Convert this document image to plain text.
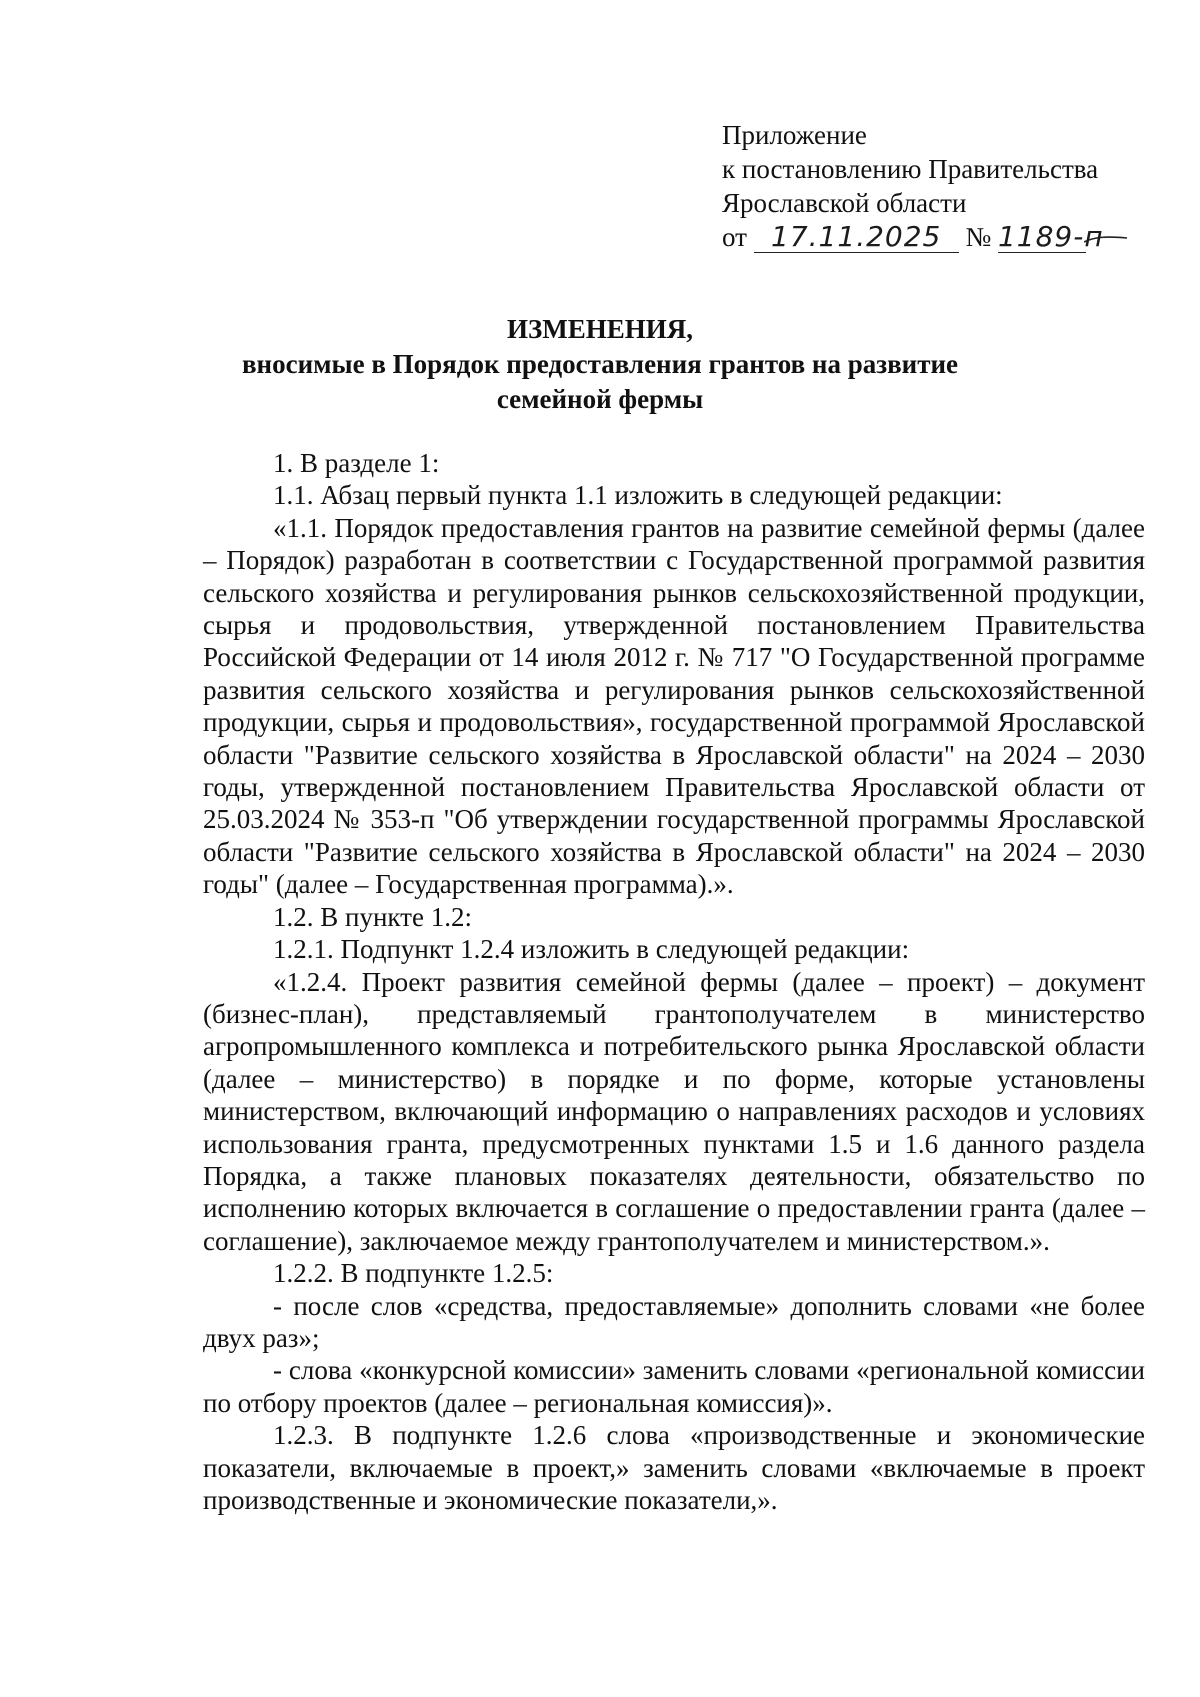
Приложение
к постановлению Правительства
Ярославской области
от 17.11.2025 № 1189-п
ИЗМЕНЕНИЯ,
вносимые в Порядок предоставления грантов на развитие
семейной фермы

1. В разделе 1:

1.1. Абзац первый пункта 1.1 изложить в следующей редакции:

«1.1. Порядок предоставления грантов на развитие семейной фермы (далее – Порядок) разработан в соответствии с Государственной программой развития сельского хозяйства и регулирования рынков сельскохозяйственной продукции, сырья и продовольствия, утвержденной постановлением Правительства Российской Федерации от 14 июля 2012 г. № 717 "О Государственной программе развития сельского хозяйства и регулирования рынков сельскохозяйственной продукции, сырья и продовольствия», государственной программой Ярославской области "Развитие сельского хозяйства в Ярославской области" на 2024 – 2030 годы, утвержденной постановлением Правительства Ярославской области от 25.03.2024 № 353-п "Об утверждении государственной программы Ярославской области "Развитие сельского хозяйства в Ярославской области" на 2024 – 2030 годы" (далее – Государственная программа).».

1.2. В пункте 1.2:

1.2.1. Подпункт 1.2.4 изложить в следующей редакции:

«1.2.4. Проект развития семейной фермы (далее – проект) – документ (бизнес-план), представляемый грантополучателем в министерство агропромышленного комплекса и потребительского рынка Ярославской области (далее – министерство) в порядке и по форме, которые установлены министерством, включающий информацию о направлениях расходов и условиях использования гранта, предусмотренных пунктами 1.5 и 1.6 данного раздела Порядка, а также плановых показателях деятельности, обязательство по исполнению которых включается в соглашение о предоставлении гранта (далее – соглашение), заключаемое между грантополучателем и министерством.».

1.2.2. В подпункте 1.2.5:

- после слов «средства, предоставляемые» дополнить словами «не более двух раз»;

- слова «конкурсной комиссии» заменить словами «региональной комиссии по отбору проектов (далее – региональная комиссия)».

1.2.3. В подпункте 1.2.6 слова «производственные и экономические показатели, включаемые в проект,» заменить словами «включаемые в проект производственные и экономические показатели,».
